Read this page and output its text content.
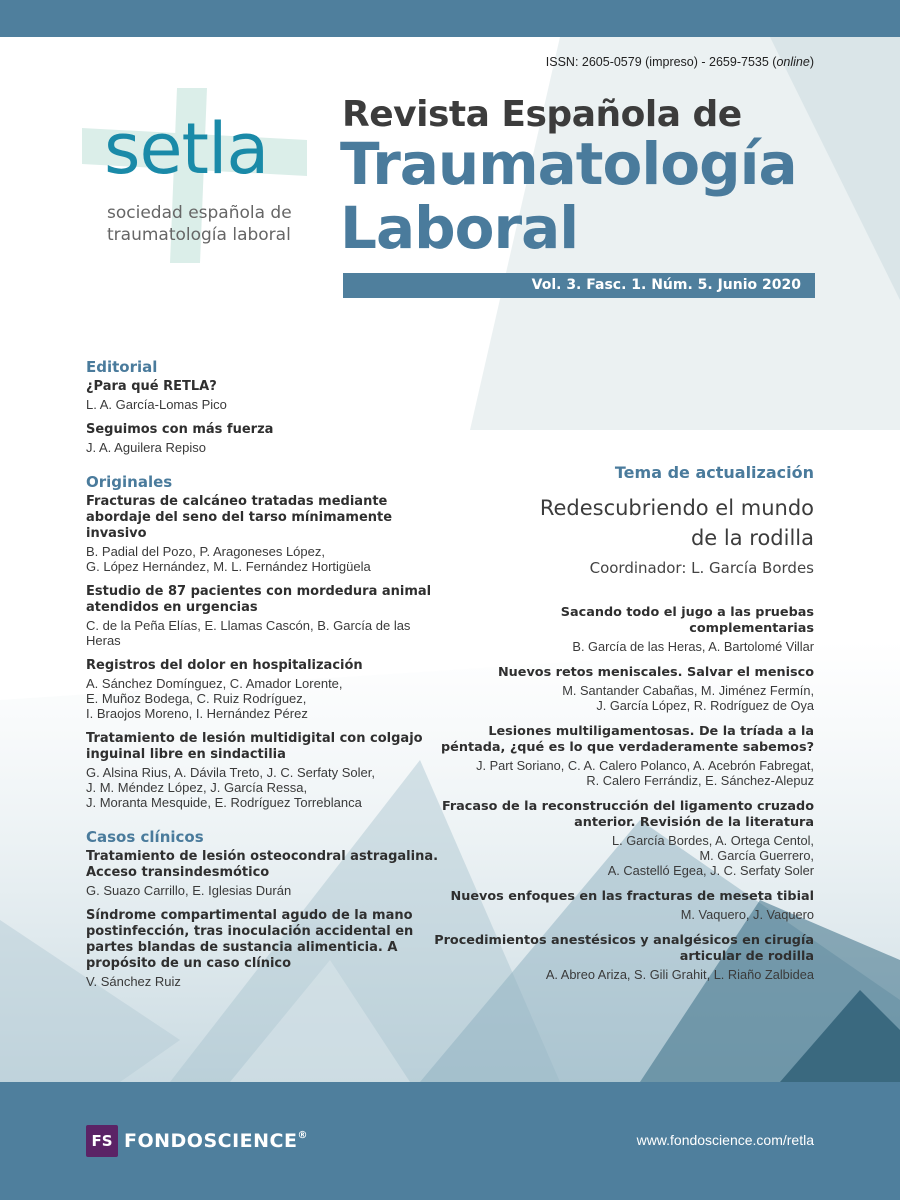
ISSN: 2605-0579 (impreso) - 2659-7535 (online)
setla
sociedad española de traumatología laboral
Revista Española de
Traumatología
Laboral
Vol. 3. Fasc. 1. Núm. 5. Junio 2020
Editorial
¿Para qué RETLA?
L. A. García-Lomas Pico
Seguimos con más fuerza
J. A. Aguilera Repiso
Originales
Fracturas de calcáneo tratadas mediante abordaje del seno del tarso mínimamente invasivo
B. Padial del Pozo, P. Aragoneses López,
G. López Hernández, M. L. Fernández Hortigüela
Estudio de 87 pacientes con mordedura animal atendidos en urgencias
C. de la Peña Elías, E. Llamas Cascón, B. García de las Heras
Registros del dolor en hospitalización
A. Sánchez Domínguez, C. Amador Lorente,
E. Muñoz Bodega, C. Ruiz Rodríguez,
I. Braojos Moreno, I. Hernández Pérez
Tratamiento de lesión multidigital con colgajo inguinal libre en sindactilia
G. Alsina Rius, A. Dávila Treto, J. C. Serfaty Soler,
J. M. Méndez López, J. García Ressa,
J. Moranta Mesquide, E. Rodríguez Torreblanca
Casos clínicos
Tratamiento de lesión osteocondral astragalina. Acceso transindesmótico
G. Suazo Carrillo, E. Iglesias Durán
Síndrome compartimental agudo de la mano postinfección, tras inoculación accidental en partes blandas de sustancia alimenticia. A propósito de un caso clínico
V. Sánchez Ruiz
Tema de actualización
Redescubriendo el mundo de la rodilla
Coordinador: L. García Bordes
Sacando todo el jugo a las pruebas complementarias
B. García de las Heras, A. Bartolomé Villar
Nuevos retos meniscales. Salvar el menisco
M. Santander Cabañas, M. Jiménez Fermín,
J. García López, R. Rodríguez de Oya
Lesiones multiligamentosas. De la tríada a la péntada, ¿qué es lo que verdaderamente sabemos?
J. Part Soriano, C. A. Calero Polanco, A. Acebrón Fabregat,
R. Calero Ferrándiz, E. Sánchez-Alepuz
Fracaso de la reconstrucción del ligamento cruzado anterior. Revisión de la literatura
L. García Bordes, A. Ortega Centol,
M. García Guerrero,
A. Castelló Egea, J. C. Serfaty Soler
Nuevos enfoques en las fracturas de meseta tibial
M. Vaquero, J. Vaquero
Procedimientos anestésicos y analgésicos en cirugía articular de rodilla
A. Abreo Ariza, S. Gili Grahit, L. Riaño Zalbidea
FS FONDOSCIENCE®	www.fondoscience.com/retla
